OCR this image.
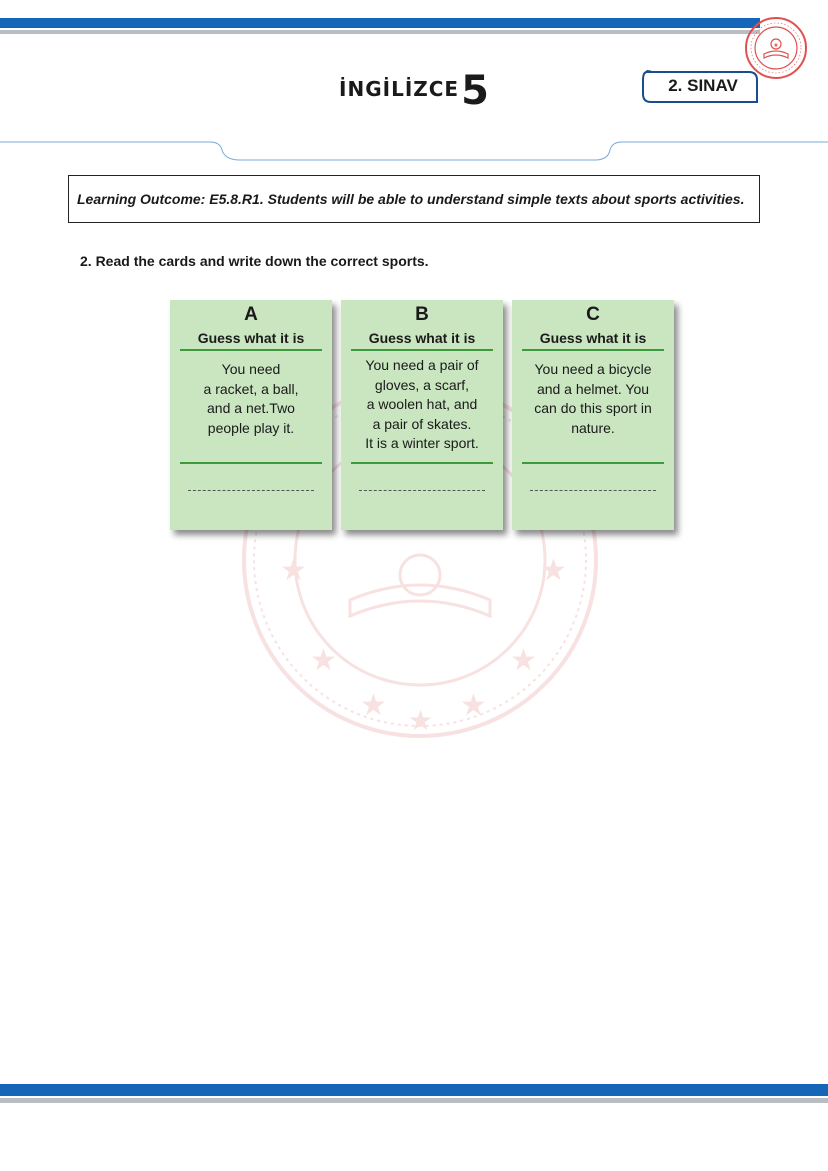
★
İNGİLİZCE5	2. SINAV
Learning Outcome: E5.8.R1. Students will be able to understand simple texts about sports activities.
2. Read the cards and write down the correct sports.
★	★
★	★
★ ★
★
A
Guess what it is
You need
a racket, a ball,
and a net.Two
people play it.
B
Guess what it is
You need a pair of
gloves, a scarf,
a woolen hat, and
a pair of skates.
It is a winter sport.
C
Guess what it is
You need a bicycle
and a helmet. You
can do this sport in
nature.
